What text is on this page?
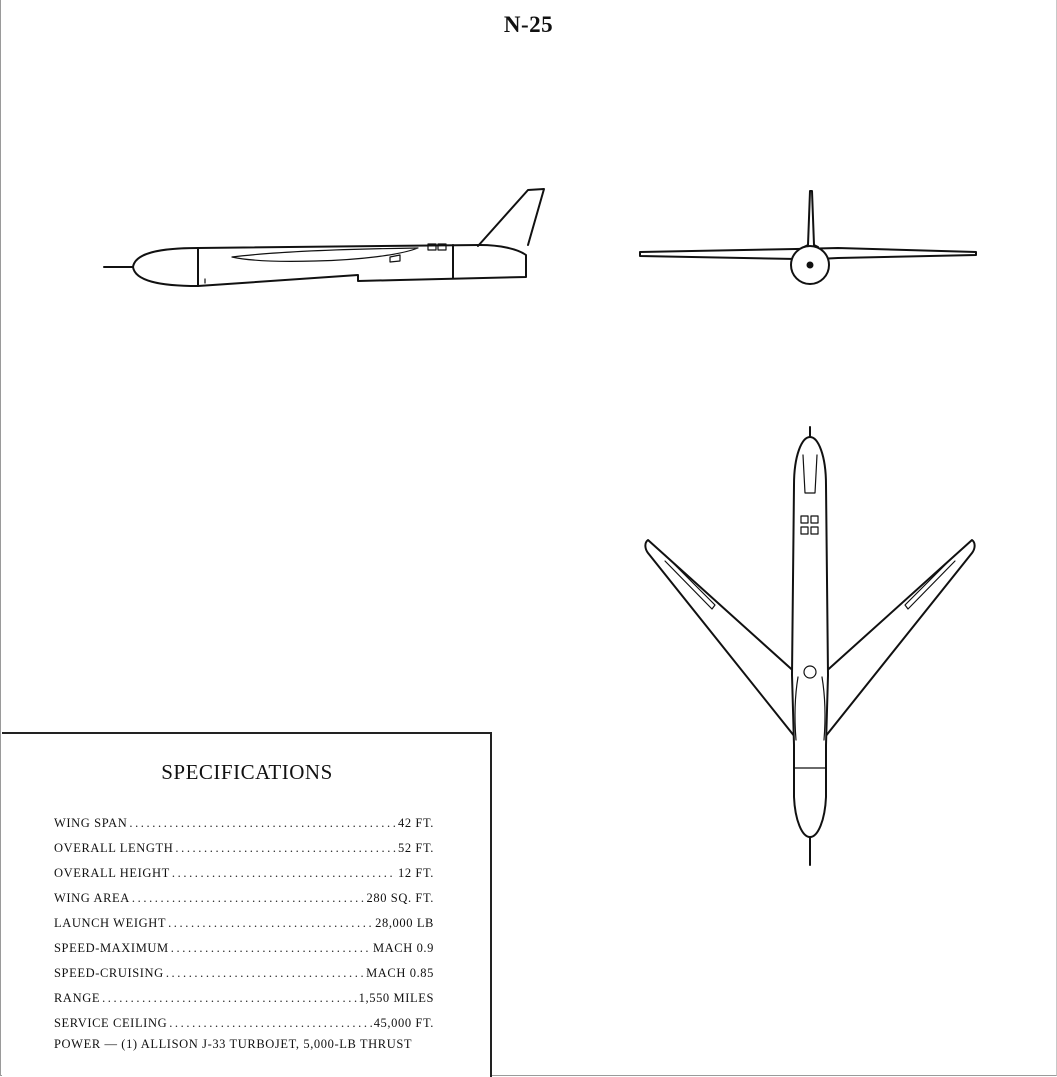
N-25
SPECIFICATIONS
WING SPAN .....	42 FT.
OVERALL LENGTH .....	52 FT.
OVERALL HEIGHT .....	12 FT.
WING AREA .....	280 SQ. FT.
LAUNCH WEIGHT .....	28,000 LB
SPEED-MAXIMUM .....	MACH 0.9
SPEED-CRUISING .....	MACH 0.85
RANGE .....	1,550 MILES
SERVICE CEILING .....	45,000 FT.
POWER — (1) ALLISON J-33 TURBOJET, 5,000-LB THRUST
